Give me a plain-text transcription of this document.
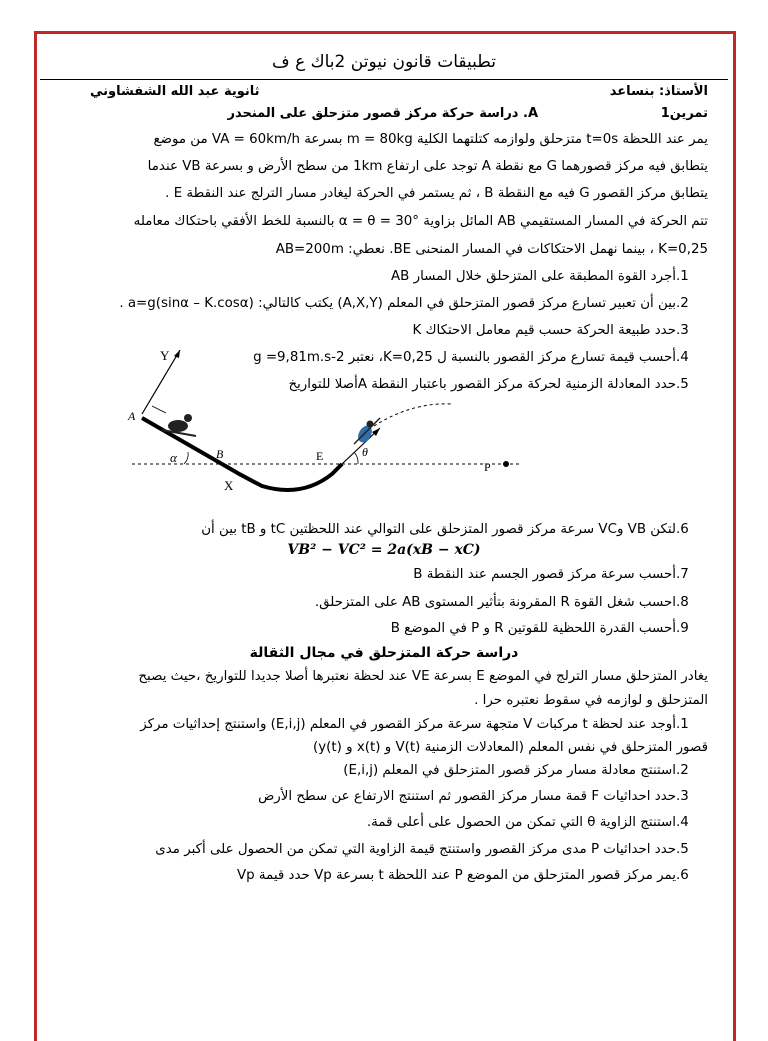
تطبيقات قانون نيوتن 2باك ع ف
الأستاذ: بنساعد
ثانوية عبد الله الشفشاوني
تمرين1
A. دراسة حركة مركز قصور متزحلق على المنحدر
يمر عند اللحظة t=0s متزحلق ولوازمه كتلتهما الكلية m = 80kg بسرعة VA = 60km/h من موضع
يتطابق فيه مركز قصورهما G مع نقطة A توجد على ارتفاع 1km من سطح الأرض و بسرعة VB عندما
يتطابق مركز القصور G فيه مع النقطة B ، ثم يستمر في الحركة ليغادر مسار الترلج عند النقطة E .
تتم الحركة في المسار المستقيمي AB المائل بزاوية α = θ = 30° بالنسبة للخط الأفقي باحتكاك معامله
K=0,25 ، بينما نهمل الاحتكاكات في المسار المنحنى BE. نعطي: AB=200m
1.أجرد القوة المطبقة على المتزحلق خلال المسار AB
2.بين أن تعبير تسارع مركز قصور المتزحلق في المعلم (A,X,Y) يكتب كالتالي: a=g(sinα – K.cosα) .
3.حدد طبيعة الحركة حسب قيم معامل الاحتكاك K
4.أحسب قيمة تسارع مركز القصور بالنسبة ل K=0,25، نعتبر g =9,81m.s-2
5.حدد المعادلة الزمنية لحركة مركز القصور باعتبار النقطة Aأصلا للتواريخ
Y
X
A
B	E
α	θ
P
6.لتكن VB وVC سرعة مركز قصور المتزحلق على التوالي عند اللحظتين tC و tB بين أن
VB² − VC² = 2a(xB − xC)
7.أحسب سرعة مركز قصور الجسم عند النقطة B
8.احسب شغل القوة R المقرونة بتأثير المستوى AB على المتزحلق.
9.أحسب القدرة اللحظية للقوتين R و P في الموضع B
دراسة حركة المتزحلق في مجال الثقالة
يغادر المتزحلق مسار الترلج في الموضع E بسرعة VE عند لحظة نعتبرها أصلا جديدا للتواريخ ،حيث يصبح
المتزحلق و لوازمه في سقوط نعتبره حرا .
1.أوجد عند لحظة t مركبات V متجهة سرعة مركز القصور في المعلم (E,i,j) واستنتج إحداثيات مركز
قصور المتزحلق في نفس المعلم (المعادلات الزمنية V(t) و x(t) و y(t))
2.استنتج معادلة مسار مركز قصور المتزحلق في المعلم (E,i,j)
3.حدد احداثيات F قمة مسار مركز القصور ثم استنتج الارتفاع عن سطح الأرض
4.استنتج الزاوية θ التي تمكن من الحصول على أعلى قمة.
5.حدد احداثيات P مدى مركز القصور واستنتج قيمة الزاوية التي تمكن من الحصول على أكبر مدى
6.يمر مركز قصور المتزحلق من الموضع P عند اللحظة t بسرعة Vp حدد قيمة Vp
